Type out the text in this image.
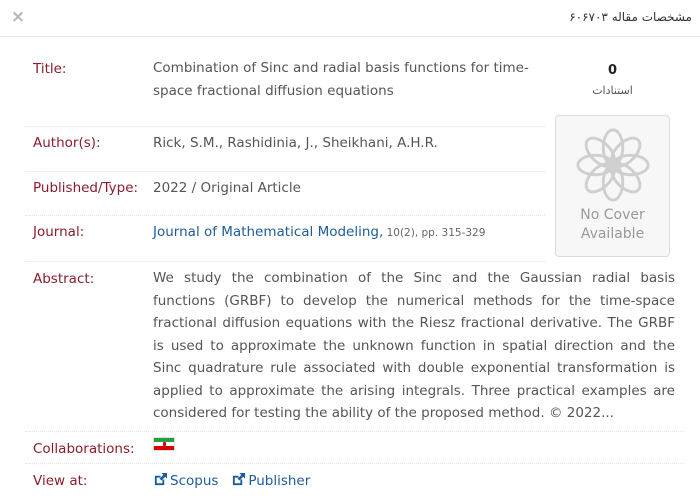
×	مشخصات مقاله ۶۰۶۷۰۳
Title:	Combination of Sinc and radial basis functions for time-space fractional diffusion equations
Author(s):	Rick, S.M., Rashidinia, J., Sheikhani, A.H.R.
Published/Type: 2022 / Original Article
Journal:	Journal of Mathematical Modeling, 10(2), pp. 315-329
Abstract:	We study the combination of the Sinc and the Gaussian radial basis functions (GRBF) to develop the numerical methods for the time-space fractional diffusion equations with the Riesz fractional derivative. The GRBF is used to approximate the unknown function in spatial direction and the Sinc quadrature rule associated with double exponential transformation is applied to approximate the arising integrals. Three practical examples are considered for testing the ability of the proposed method. © 2022...
Collaborations:
View at:	Scopus Publisher
0
استنادات
No Cover
Available
